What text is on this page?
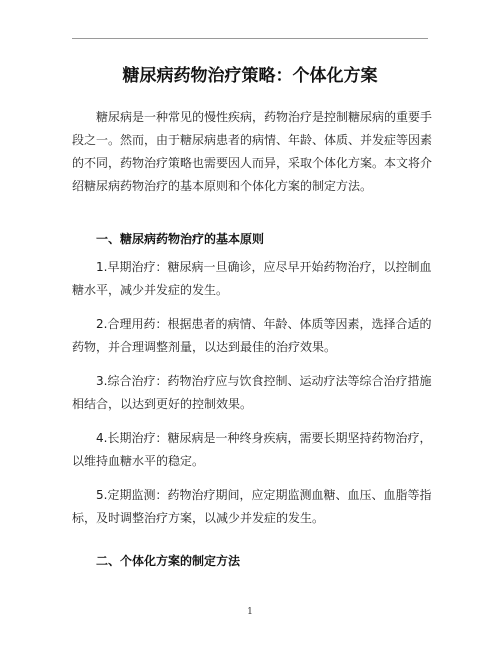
糖尿病药物治疗策略：个体化方案

糖尿病是一种常见的慢性疾病，药物治疗是控制糖尿病的重要手段之一。然而，由于糖尿病患者的病情、年龄、体质、并发症等因素的不同，药物治疗策略也需要因人而异，采取个体化方案。本文将介绍糖尿病药物治疗的基本原则和个体化方案的制定方法。

一、糖尿病药物治疗的基本原则

1.早期治疗：糖尿病一旦确诊，应尽早开始药物治疗，以控制血糖水平，减少并发症的发生。

2.合理用药：根据患者的病情、年龄、体质等因素，选择合适的药物，并合理调整剂量，以达到最佳的治疗效果。

3.综合治疗：药物治疗应与饮食控制、运动疗法等综合治疗措施相结合，以达到更好的控制效果。

4.长期治疗：糖尿病是一种终身疾病，需要长期坚持药物治疗，以维持血糖水平的稳定。

5.定期监测：药物治疗期间，应定期监测血糖、血压、血脂等指标，及时调整治疗方案，以减少并发症的发生。

二、个体化方案的制定方法

1
